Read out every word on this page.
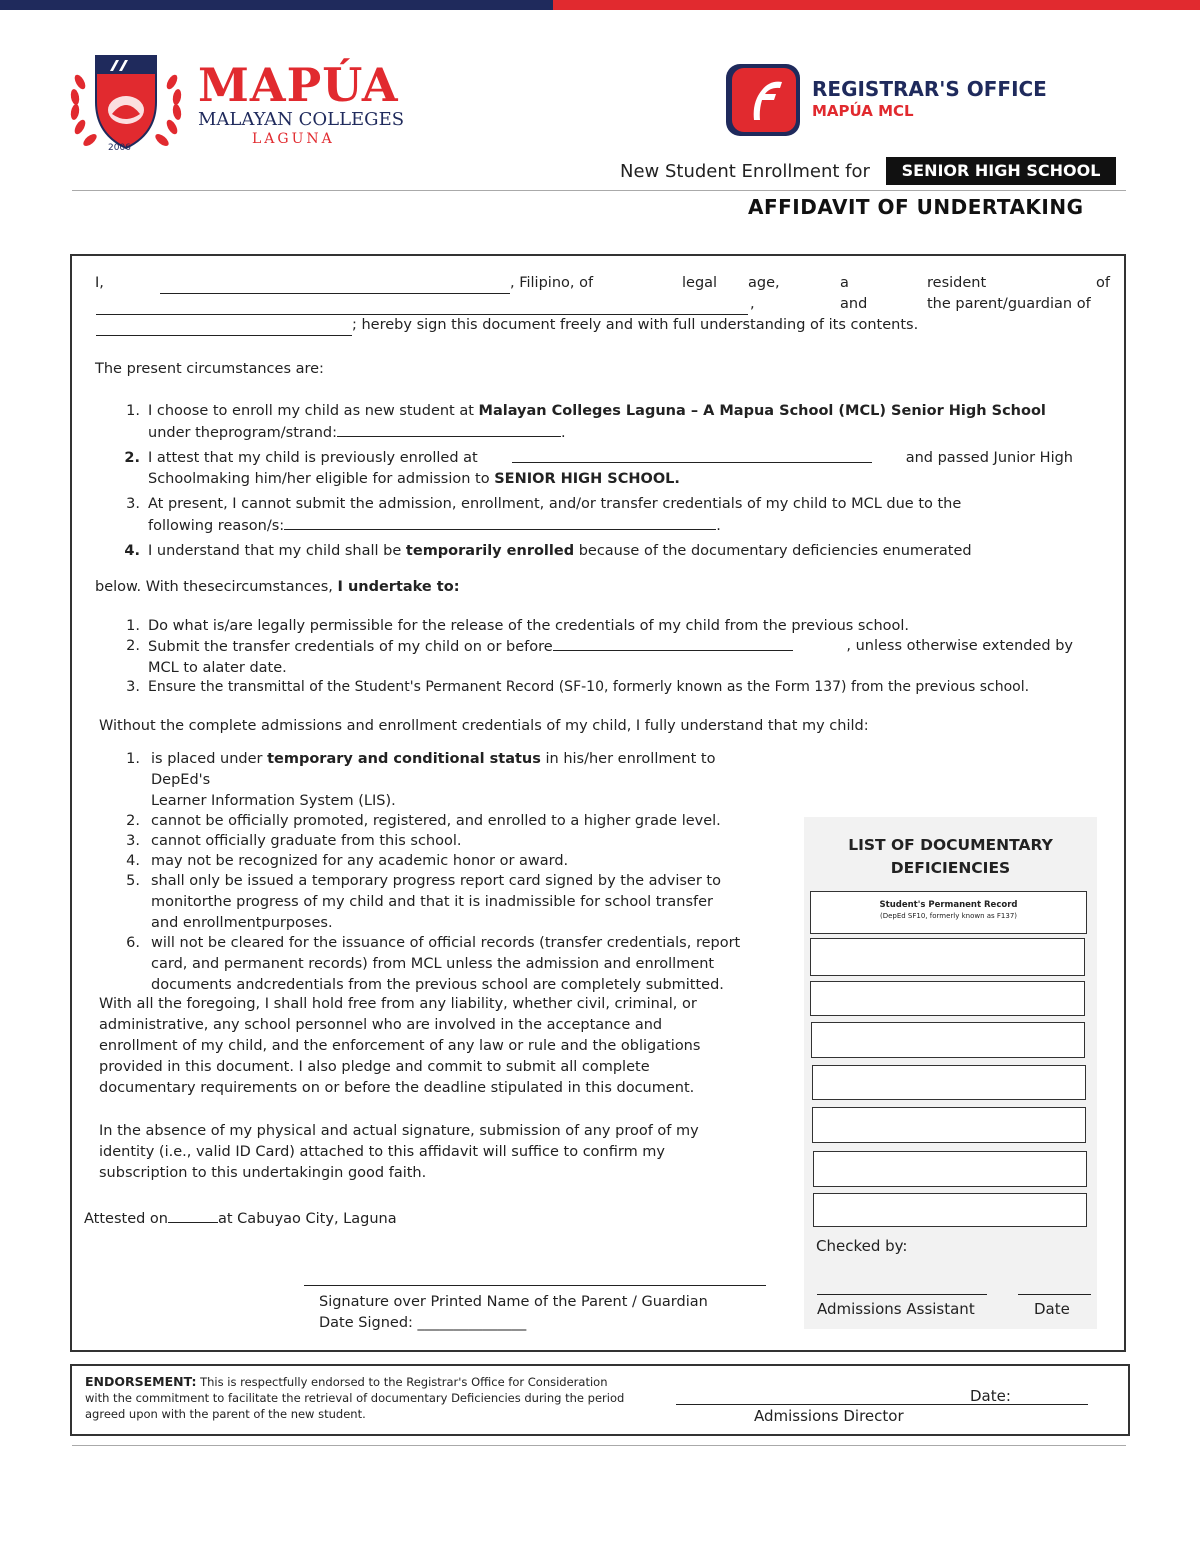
2006
MAPÚA
MALAYAN COLLEGES
LAGUNA
REGISTRAR'S OFFICE
MAPÚA MCL
New Student Enrollment for	SENIOR HIGH SCHOOL
AFFIDAVIT OF UNDERTAKING
I,	, Filipino, of	legal age,	a	resident	of
,	and	the parent/guardian of
; hereby sign this document freely and with full understanding of its contents.
The present circumstances are:
1. I choose to enroll my child as new student at Malayan Colleges Laguna – A Mapua School (MCL) Senior High School
under theprogram/strand:	.
2. I attest that my child is previously enrolled at	and passed Junior High
Schoolmaking him/her eligible for admission to SENIOR HIGH SCHOOL.
3. At present, I cannot submit the admission, enrollment, and/or transfer credentials of my child to MCL due to the
following reason/s:	.
4. I understand that my child shall be temporarily enrolled because of the documentary deficiencies enumerated
below. With thesecircumstances, I undertake to:
1. Do what is/are legally permissible for the release of the credentials of my child from the previous school.
2. Submit the transfer credentials of my child on or before	, unless otherwise extended by
MCL to alater date.
3. Ensure the transmittal of the Student's Permanent Record (SF-10, formerly known as the Form 137) from the previous school.
Without the complete admissions and enrollment credentials of my child, I fully understand that my child:
1. is placed under temporary and conditional status in his/her enrollment to DepEd's
Learner Information System (LIS).
2. cannot be officially promoted, registered, and enrolled to a higher grade level.
3. cannot officially graduate from this school.
4. may not be recognized for any academic honor or award.
5. shall only be issued a temporary progress report card signed by the adviser to
monitorthe progress of my child and that it is inadmissible for school transfer
and enrollmentpurposes.
6. will not be cleared for the issuance of official records (transfer credentials, report
card, and permanent records) from MCL unless the admission and enrollment
documents andcredentials from the previous school are completely submitted.
With all the foregoing, I shall hold free from any liability, whether civil, criminal, or
administrative, any school personnel who are involved in the acceptance and
enrollment of my child, and the enforcement of any law or rule and the obligations
provided in this document. I also pledge and commit to submit all complete
documentary requirements on or before the deadline stipulated in this document.
In the absence of my physical and actual signature, submission of any proof of my
identity (i.e., valid ID Card) attached to this affidavit will suffice to confirm my
subscription to this undertakingin good faith.
Attested on	at Cabuyao City, Laguna
Signature over Printed Name of the Parent / Guardian
Date Signed: _______________
LIST OF DOCUMENTARY
DEFICIENCIES
Student's Permanent Record
(DepEd SF10, formerly known as F137)
Checked by:
Admissions Assistant	Date
ENDORSEMENT: This is respectfully endorsed to the Registrar's Office for Consideration
with the commitment to facilitate the retrieval of documentary Deficiencies during the period
agreed upon with the parent of the new student.
Date:
Admissions Director
